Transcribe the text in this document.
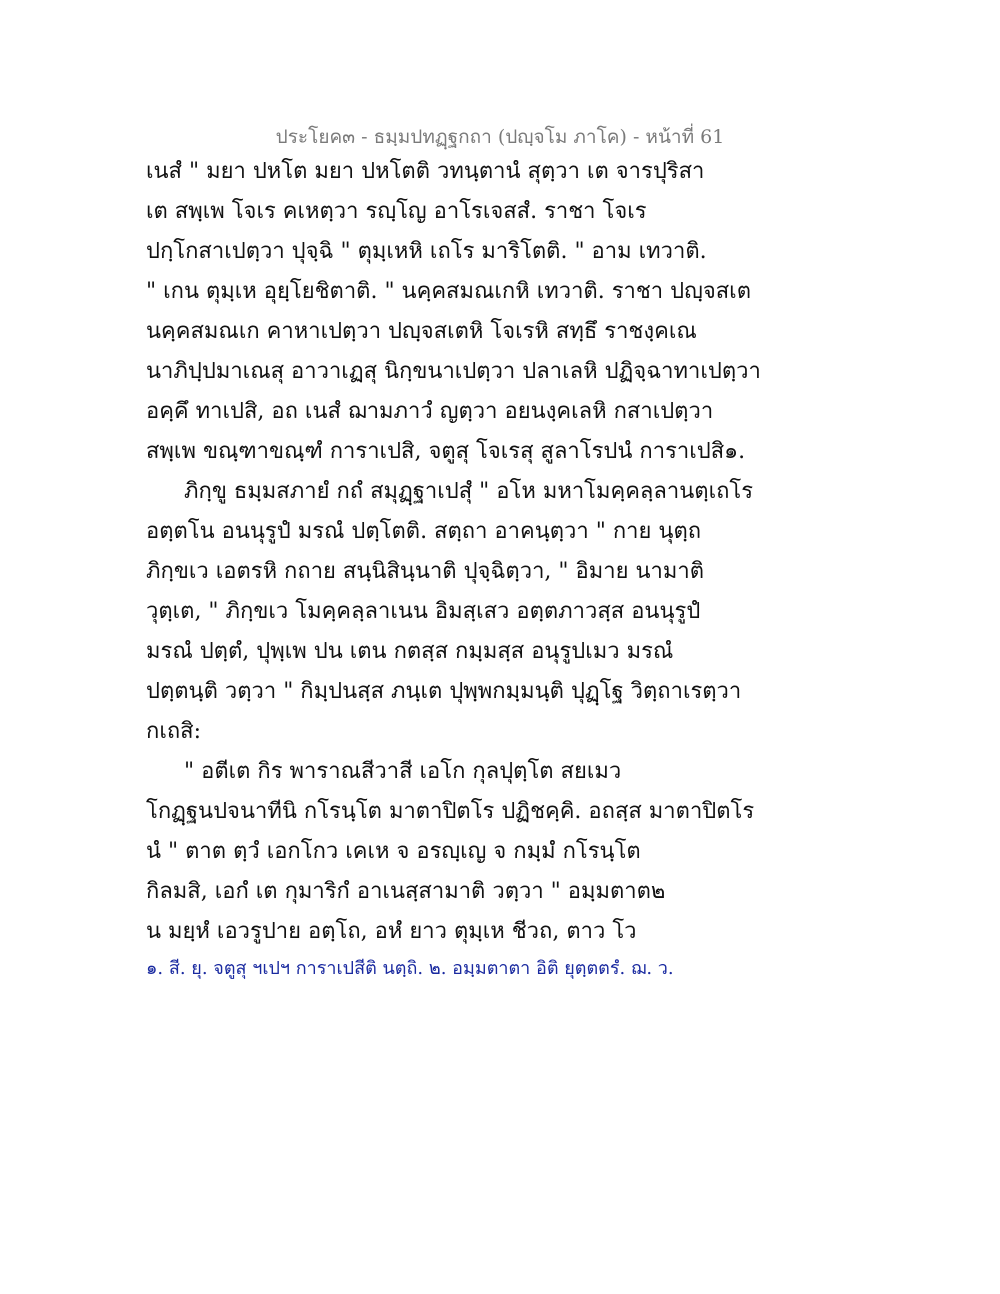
ประโยค๓ - ธมฺมปทฏฺฐกถา (ปญฺจโม ภาโค) - หน้าที่ 61
เนสํ " มยา ปหโต มยา ปหโตติ วทนฺตานํ สุตฺวา เต จารปุริสา
เต สพฺเพ โจเร คเหตฺวา รญฺโญ อาโรเจสสํ. ราชา โจเร
ปกฺโกสาเปตฺวา ปุจฺฉิ " ตุมฺเหหิ เถโร มาริโตติ. " อาม เทวาติ.
" เกน ตุมฺเห อุยฺโยชิตาติ. " นคฺคสมณเกหิ เทวาติ. ราชา ปญฺจสเต
นคฺคสมณเก คาหาเปตฺวา ปญฺจสเตหิ โจเรหิ สทฺธึ ราชงฺคเณ
นาภิปฺปมาเณสุ อาวาเฏสุ นิกฺขนาเปตฺวา ปลาเลหิ ปฏิจฺฉาทาเปตฺวา
อคฺคึ ทาเปสิ, อถ เนสํ ฌามภาวํ ญตฺวา อยนงฺคเลหิ กสาเปตฺวา
สพฺเพ ขณฺฑาขณฺฑํ การาเปสิ, จตูสุ โจเรสุ สูลาโรปนํ การาเปสิ๑.
ภิกฺขู ธมฺมสภายํ กถํ สมุฏฺฐาเปสุํ " อโห มหาโมคฺคลฺลานตฺเถโร
อตฺตโน อนนุรูปํ มรณํ ปตฺโตติ. สตฺถา อาคนฺตฺวา " กาย นุตฺถ
ภิกฺขเว เอตรหิ กถาย สนฺนิสินฺนาติ ปุจฺฉิตฺวา, " อิมาย นามาติ
วุตฺเต, " ภิกฺขเว โมคฺคลฺลาเนน อิมสฺเสว อตฺตภาวสฺส อนนุรูปํ
มรณํ ปตฺตํ, ปุพฺเพ ปน เตน กตสฺส กมฺมสฺส อนุรูปเมว มรณํ
ปตฺตนฺติ วตฺวา " กิมฺปนสฺส ภนฺเต ปุพฺพกมฺมนฺติ ปุฏฺโฐ วิตฺถาเรตฺวา
กเถสิ:
" อตีเต กิร พาราณสีวาสี เอโก กุลปุตฺโต สยเมว
โกฏฺฐนปจนาทีนิ กโรนฺโต มาตาปิตโร ปฏิชคฺคิ. อถสฺส มาตาปิตโร
นํ " ตาต ตฺวํ เอกโกว เคเห จ อรญฺเญ จ กมฺมํ กโรนฺโต
กิลมสิ, เอกํ เต กุมาริกํ อาเนสฺสามาติ วตฺวา " อมฺมตาต๒
น มยฺหํ เอวรูปาย อตฺโถ, อหํ ยาว ตุมฺเห ชีวถ, ตาว โว
๑. สี. ยุ. จตูสุ ฯเปฯ การาเปสีติ นตฺถิ. ๒. อมฺมตาตา อิติ ยุตฺตตรํ. ฌ. ว.
